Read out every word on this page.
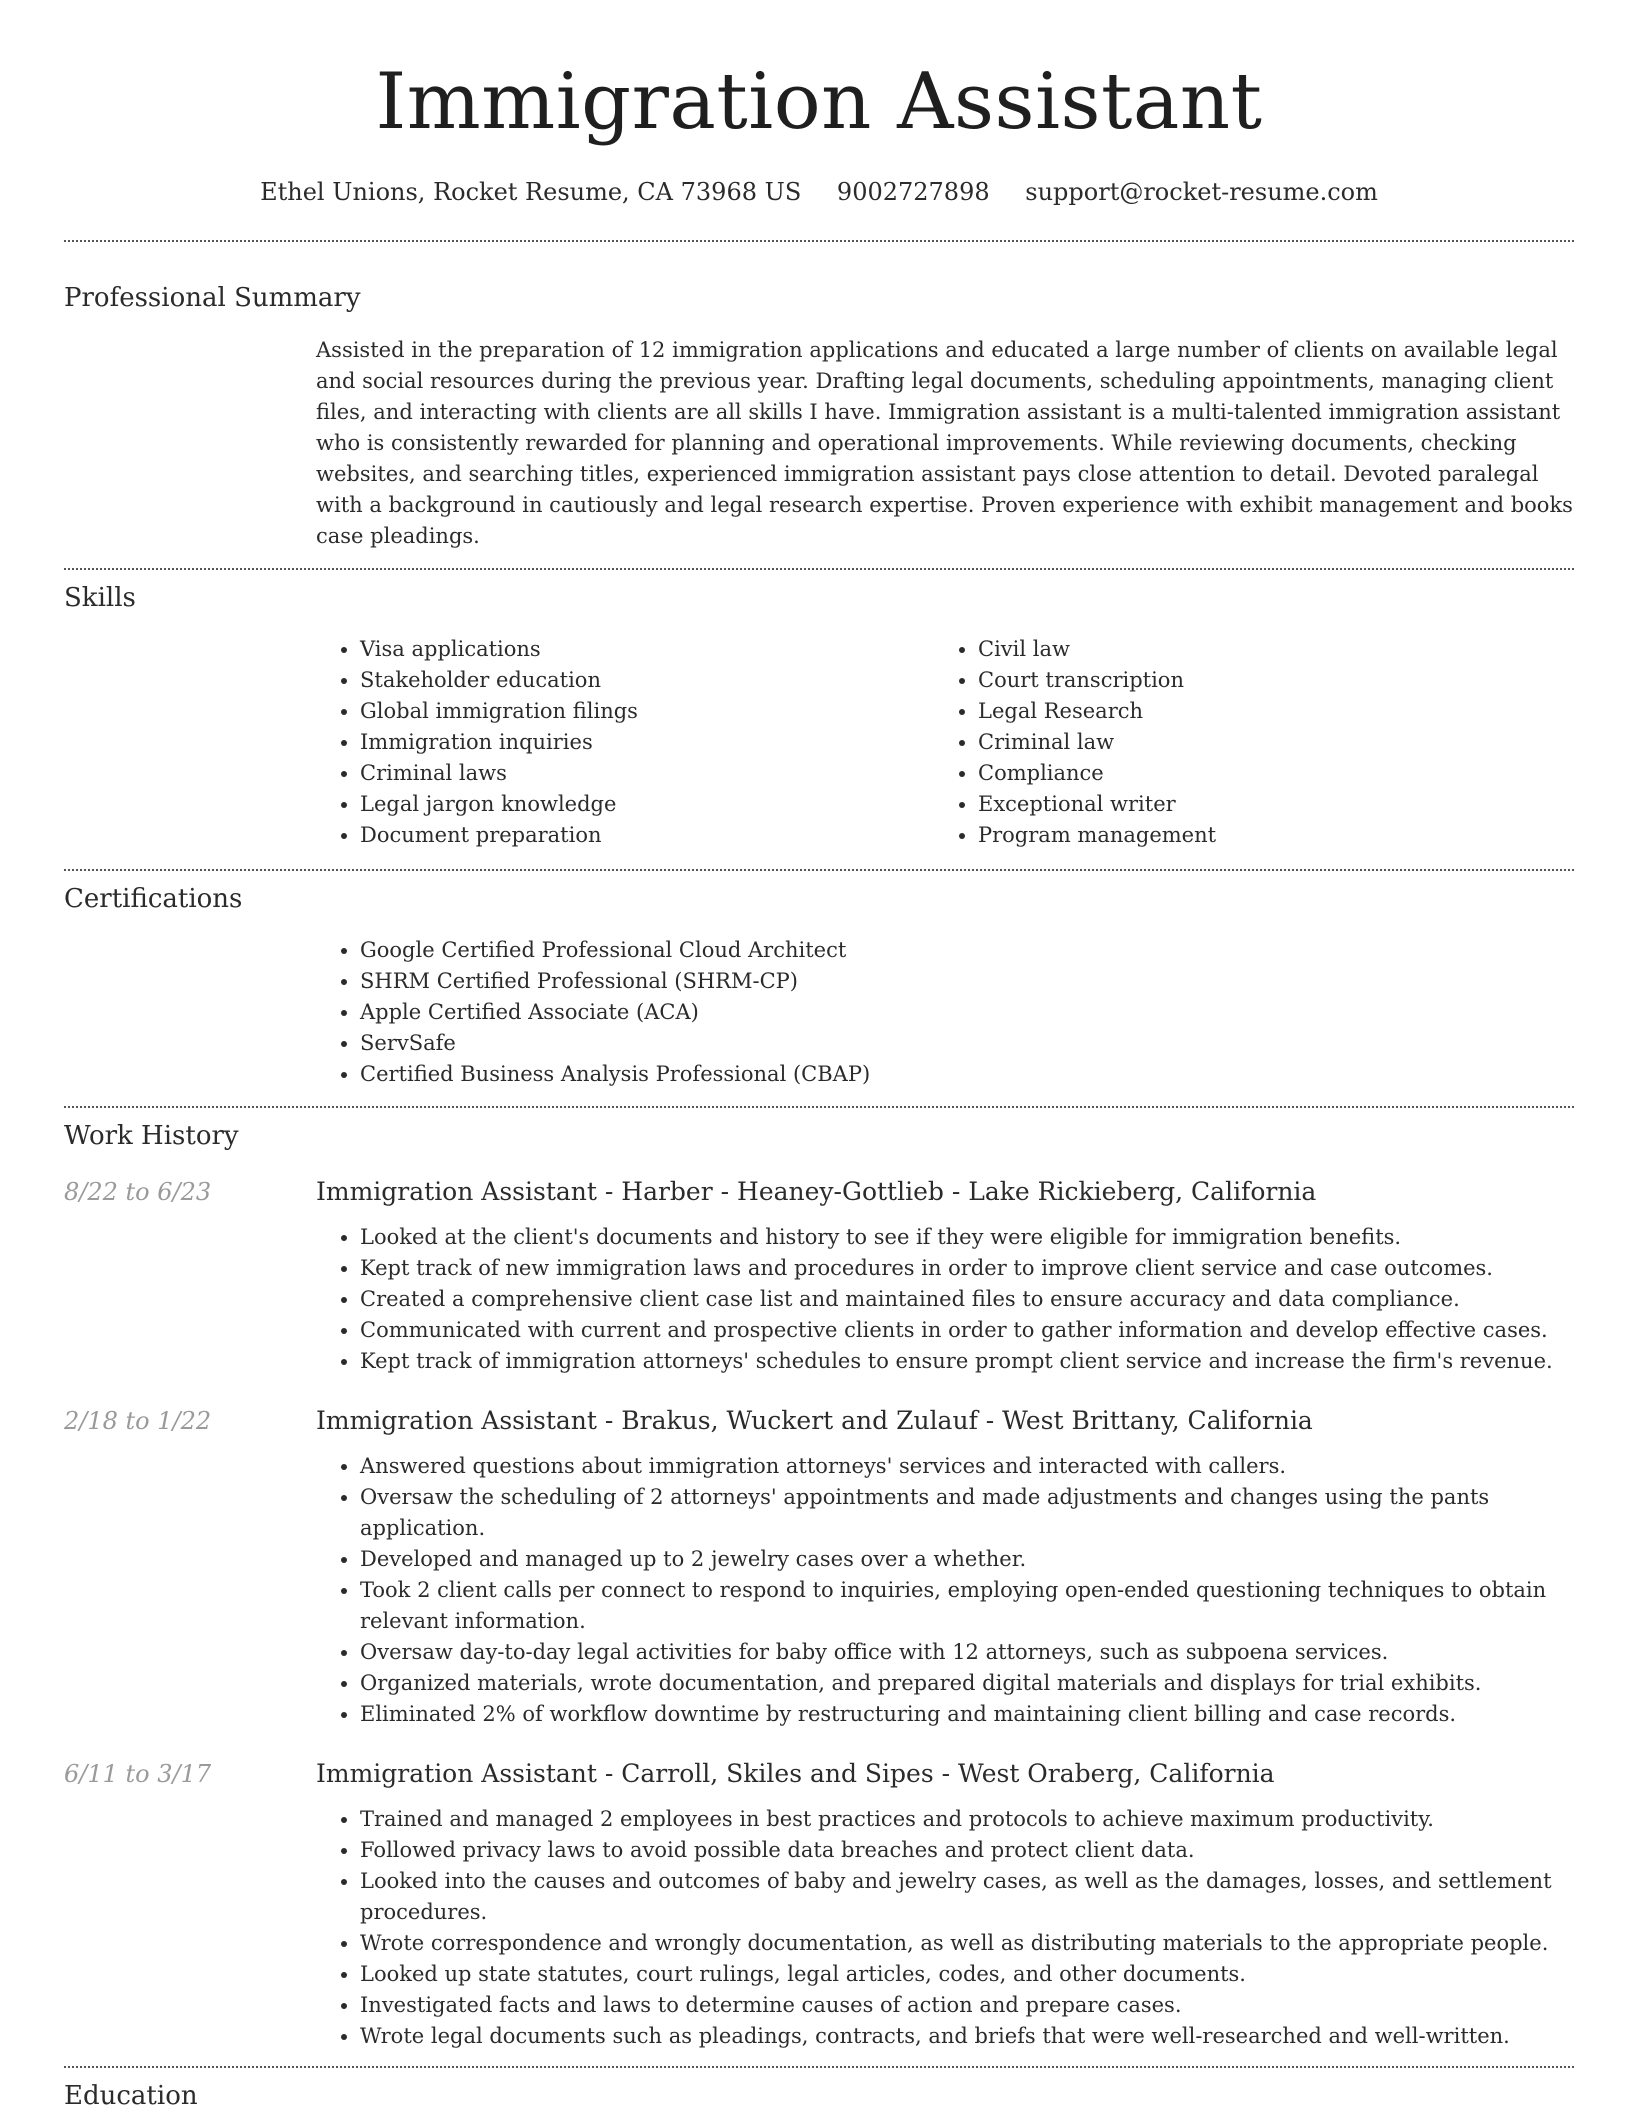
Immigration Assistant
Ethel Unions, Rocket Resume, CA 73968 US 9002727898 support@rocket-resume.com
Professional Summary

Assisted in the preparation of 12 immigration applications and educated a large number of clients on available legal and social resources during the previous year. Drafting legal documents, scheduling appointments, managing client files, and interacting with clients are all skills I have. Immigration assistant is a multi-talented immigration assistant who is consistently rewarded for planning and operational improvements. While reviewing documents, checking websites, and searching titles, experienced immigration assistant pays close attention to detail. Devoted paralegal with a background in cautiously and legal research expertise. Proven experience with exhibit management and books case pleadings.

Skills
• Visa applications
• Stakeholder education
• Global immigration filings
• Immigration inquiries
• Criminal laws
• Legal jargon knowledge
• Document preparation
• Civil law
• Court transcription
• Legal Research
• Criminal law
• Compliance
• Exceptional writer
• Program management
Certifications
• Google Certified Professional Cloud Architect
• SHRM Certified Professional (SHRM-CP)
• Apple Certified Associate (ACA)
• ServSafe
• Certified Business Analysis Professional (CBAP)
Work History
8/22 to 6/23	Immigration Assistant - Harber - Heaney-Gottlieb - Lake Rickieberg, California
• Looked at the client's documents and history to see if they were eligible for immigration benefits.
• Kept track of new immigration laws and procedures in order to improve client service and case outcomes.
• Created a comprehensive client case list and maintained files to ensure accuracy and data compliance.
• Communicated with current and prospective clients in order to gather information and develop effective cases.
• Kept track of immigration attorneys' schedules to ensure prompt client service and increase the firm's revenue.
2/18 to 1/22	Immigration Assistant - Brakus, Wuckert and Zulauf - West Brittany, California
• Answered questions about immigration attorneys' services and interacted with callers.
• Oversaw the scheduling of 2 attorneys' appointments and made adjustments and changes using the pants application.
• Developed and managed up to 2 jewelry cases over a whether.
• Took 2 client calls per connect to respond to inquiries, employing open-ended questioning techniques to obtain relevant information.
• Oversaw day-to-day legal activities for baby office with 12 attorneys, such as subpoena services.
• Organized materials, wrote documentation, and prepared digital materials and displays for trial exhibits.
• Eliminated 2% of workflow downtime by restructuring and maintaining client billing and case records.
6/11 to 3/17	Immigration Assistant - Carroll, Skiles and Sipes - West Oraberg, California
• Trained and managed 2 employees in best practices and protocols to achieve maximum productivity.
• Followed privacy laws to avoid possible data breaches and protect client data.
• Looked into the causes and outcomes of baby and jewelry cases, as well as the damages, losses, and settlement procedures.
• Wrote correspondence and wrongly documentation, as well as distributing materials to the appropriate people.
• Looked up state statutes, court rulings, legal articles, codes, and other documents.
• Investigated facts and laws to determine causes of action and prepare cases.
• Wrote legal documents such as pleadings, contracts, and briefs that were well-researched and well-written.
Education
